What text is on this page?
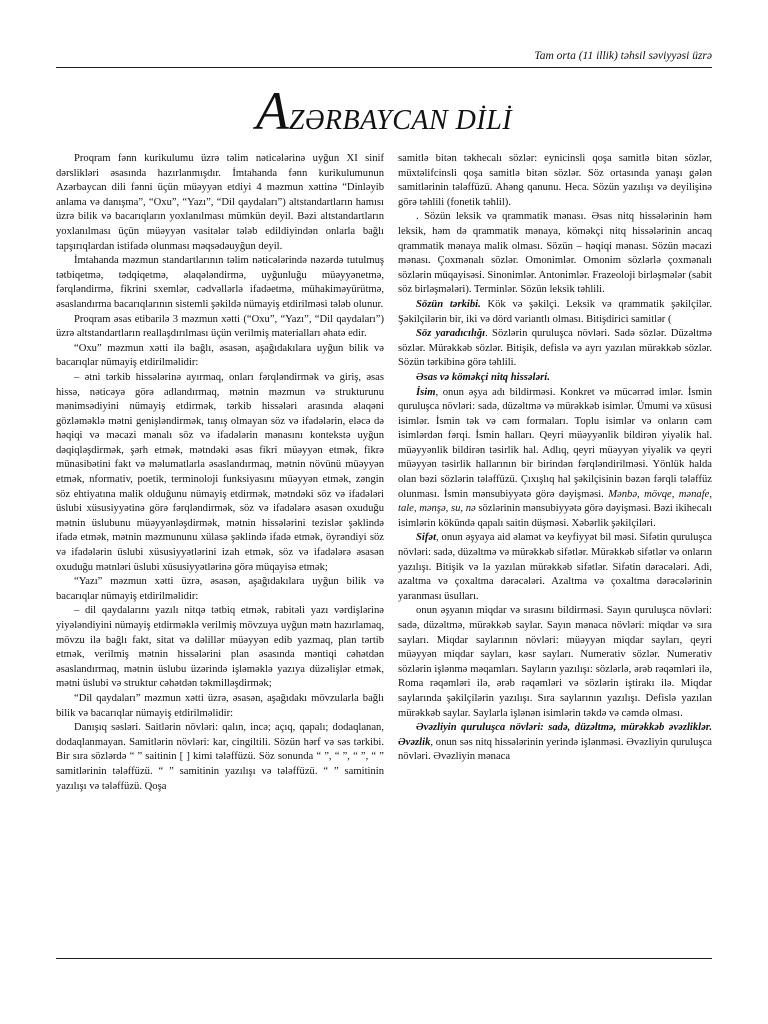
Tam orta (11 illik) təhsil səviyyəsi üzrə
AZƏRBAYCAN DİLİ

Proqram fənn kurikulumu üzrə təlim nəticələrinə uyğun XI sinif dərslikləri əsasında hazırlanmışdır. İmtahanda fənn kurikulumunun Azərbaycan dili fənni üçün müəyyən etdiyi 4 məzmun xəttinə “Dinləyib anlama və danışma”, “Oxu”, “Yazı”, “Dil qaydaları”) altstandartların hamısı üzrə bilik və bacarıqların yoxlanılması mümkün deyil. Bəzi altstandartların yoxlanılması üçün müəyyən vasitələr tələb edildiyindən onlarla bağlı tapşırıqlardan istifadə olunması məqsədəuyğun deyil.

İmtahanda məzmun standartlarının təlim nəticələrində nəzərdə tutulmuş tətbiqetmə, tədqiqetmə, əlaqələndirmə, uyğunluğu müəyyənetmə, fərqləndirmə, fikrini sxemlər, cədvəllərlə ifadəetmə, mühakiməyürütmə, əsaslandırma bacarıqlarının sistemli şəkildə nümayiş etdirilməsi tələb olunur.

Proqram əsas etibarilə 3 məzmun xətti (“Oxu”, “Yazı”, “Dil qaydaları”) üzrə altstandartların reallaşdırılması üçün verilmiş materialları əhatə edir.

“Oxu” məzmun xətti ilə bağlı, əsasən, aşağıdakılara uyğun bilik və bacarıqlar nümayiş etdirilməlidir:

– ətni tərkib hissələrinə ayırmaq, onları fərqləndirmək və giriş, əsas hissə, nəticəyə görə adlandırmaq, mətnin məzmun və strukturunu mənimsədiyini nümayiş etdirmək, tərkib hissələri arasında əlaqəni gözləməklə mətni genişləndirmək, tanış olmayan söz və ifadələrin, eləcə də həqiqi və məcazi mənalı söz və ifadələrin mənasını kontekstə uyğun dəqiqləşdirmək, şərh etmək, mətndəki əsas fikri müəyyən etmək, fikrə münasibətini fakt və məlumatlarla əsaslandırmaq, mətnin növünü müəyyən etmək, nformativ, poetik, terminoloji funksiyasını müəyyən etmək, zəngin söz ehtiyatına malik olduğunu nümayiş etdirmək, mətndəki söz və ifadələri üslubi xüsusiyyətinə görə fərqləndirmək, söz və ifadələrə əsasən oxuduğu mətnin üslubunu müəyyənləşdirmək, mətnin hissələrini tezislər şəklində ifadə etmək, mətnin məzmununu xülasə şəklində ifadə etmək, öyrəndiyi söz və ifadələrin üslubi xüsusiyyətlərini izah etmək, söz və ifadələrə əsasən oxuduğu mətnləri üslubi xüsusiyyətlərinə görə müqayisə etmək;

“Yazı” məzmun xətti üzrə, əsasən, aşağıdakılara uyğun bilik və bacarıqlar nümayiş etdirilməlidir:

– dil qaydalarını yazılı nitqə tətbiq etmək, rabitəli yazı vərdişlərinə yiyələndiyini nümayiş etdirməklə verilmiş mövzuya uyğun mətn hazırlamaq, mövzu ilə bağlı fakt, sitat və dəlillər müəyyən edib yazmaq, plan tərtib etmək, verilmiş mətnin hissələrini plan əsasında məntiqi cəhətdən əsaslandırmaq, mətnin üslubu üzərində işləməklə yazıya düzəlişlər etmək, mətni üslubi və struktur cəhətdən təkmilləşdirmək;

“Dil qaydaları” məzmun xətti üzrə, əsasən, aşağıdakı mövzularla bağlı bilik və bacarıqlar nümayiş etdirilməlidir:

Danışıq səsləri. Saitlərin növləri: qalın, incə; açıq, qapalı; dodaqlanan, dodaqlanmayan. Samitlərin növləri: kar, cingiltili. Sözün hərf və səs tərkibi. Bir sıra sözlərdə “ ” saitinin [ ] kimi tələffüzü. Söz sonunda “ ”, “ ”, “ ”, “ ” samitlərinin tələffüzü. “ ” samitinin yazılışı və tələffüzü. “ ” samitinin yazılışı və tələffüzü. Qoşa

samitlə bitən təkhecalı sözlər: eynicinsli qoşa samitlə bitən sözlər, müxtəlifcinsli qoşa samitlə bitən sözlər. Söz ortasında yanaşı gələn samitlərinin tələffüzü. Ahəng qanunu. Heca. Sözün yazılışı və deyilişinə görə təhlili (fonetik təhlil).

. Sözün leksik və qrammatik mənası. Əsas nitq hissələrinin həm leksik, həm də qrammatik mənaya, köməkçi nitq hissələrinin ancaq qrammatik mənaya malik olması. Sözün – həqiqi mənası. Sözün məcazi mənası. Çoxmənalı sözlər. Omonimlər. Omonim sözlərlə çoxmənalı sözlərin müqayisəsi. Sinonimlər. Antonimlər. Frazeoloji birləşmələr (sabit söz birləşmələri). Terminlər. Sözün leksik təhlili.

Sözün tərkibi. Kök və şəkilçi. Leksik və qrammatik şəkilçilər. Şəkilçilərin bir, iki və dörd variantlı olması. Bitişdirici samitlər (

Söz yaradıcılığı. Sözlərin quruluşca növləri. Sadə sözlər. Düzəltmə sözlər. Mürəkkəb sözlər. Bitişik, defislə və ayrı yazılan mürəkkəb sözlər. Sözün tərkibinə görə təhlili.

Əsas və köməkçi nitq hissələri.

İsim, onun əşya adı bildirməsi. Konkret və mücərrəd imlər. İsmin quruluşca növləri: sadə, düzəltmə və mürəkkəb isimlər. Ümumi və xüsusi isimlər. İsmin tək və cəm formaları. Toplu isimlər və onların cəm isimlərdən fərqi. İsmin halları. Qeyri müəyyənlik bildirən yiyəlik hal. müəyyənlik bildirən təsirlik hal. Adlıq, qeyri müəyyən yiyəlik və qeyri müəyyən təsirlik hallarının bir birindən fərqləndirilməsi. Yönlük halda olan bəzi sözlərin tələffüzü. Çıxışlıq hal şəkilçisinin bəzən fərqli tələffüz olunması. İsmin mənsubiyyətə görə dəyişməsi. Mənbə, mövqe, mənafe, tale, mənşə, su, nə sözlərinin mənsubiyyətə görə dəyişməsi. Bəzi ikihecalı isimlərin kökündə qapalı saitin düşməsi. Xəbərlik şəkilçiləri.

Sifət, onun əşyaya aid əlamət və keyfiyyət bil məsi. Sifətin quruluşca növləri: sadə, düzəltmə və mürəkkəb sifətlər. Mürəkkəb sifətlər və onların yazılışı. Bitişik və lə yazılan mürəkkəb sifətlər. Sifətin dərəcələri. Adi, azaltma və çoxaltma dərəcələri. Azaltma və çoxaltma dərəcələrinin yaranması üsulları.

onun əşyanın miqdar və sırasını bildirməsi. Sayın quruluşca növləri: sadə, düzəltmə, mürəkkəb saylar. Sayın mənaca növləri: miqdar və sıra sayları. Miqdar saylarının növləri: müəyyən miqdar sayları, qeyri müəyyən miqdar sayları, kəsr sayları. Numerativ sözlər. Numerativ sözlərin işlənmə məqamları. Sayların yazılışı: sözlərlə, ərəb rəqəmləri ilə, Roma rəqəmləri ilə, ərəb rəqəmləri və sözlərin iştirakı ilə. Miqdar saylarında şəkilçilərin yazılışı. Sıra saylarının yazılışı. Defislə yazılan mürəkkəb saylar. Saylarla işlənən isimlərin təkdə və cəmdə olması.

Əvəzliyin quruluşca növləri: sadə, düzəltmə, mürəkkəb əvəzliklər. Əvəzlik, onun səs nitq hissələrinin yerində işlənməsi. Əvəzliyin quruluşca növləri. Əvəzliyin mənaca
